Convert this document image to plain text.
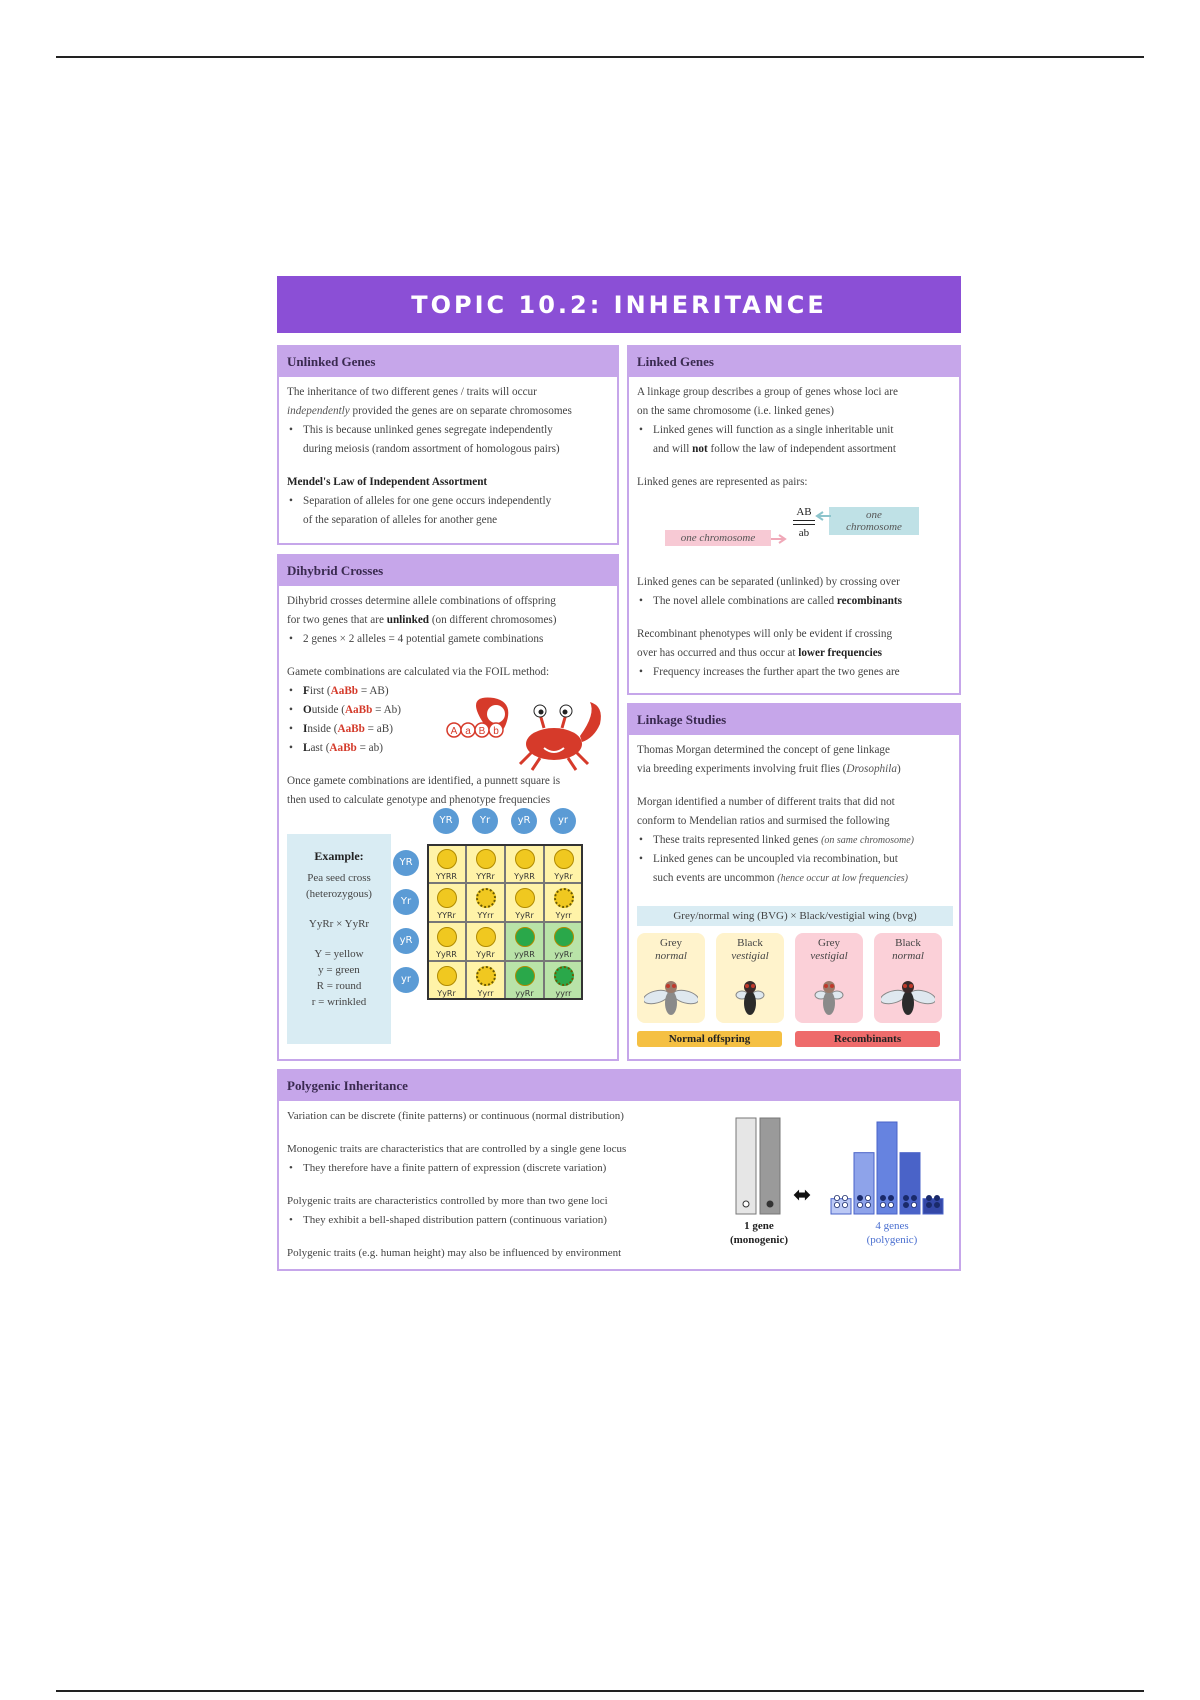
TOPIC 10.2: INHERITANCE
Unlinked Genes

The inheritance of two different genes / traits will occur

independently provided the genes are on separate chromosomes

• This is because unlinked genes segregate independently
during meiosis (random assortment of homologous pairs)

Mendel's Law of Independent Assortment

• Separation of alleles for one gene occurs independently
of the separation of alleles for another gene
Dihybrid Crosses

Dihybrid crosses determine allele combinations of offspring

for two genes that are unlinked (on different chromosomes)

• 2 genes × 2 alleles = 4 potential gamete combinations

Gamete combinations are calculated via the FOIL method:

• First (AaBb = AB)
• Outside (AaBb = Ab)
• Inside (AaBb = aB)
• Last (AaBb = ab)

Once gamete combinations are identified, a punnett square is

then used to calculate genotype and phenotype frequencies

A a B b
Example:
Pea seed cross
(heterozygous)
YyRr × YyRr
Y = yellow
y = green
R = round
r = wrinkled
YR
YR
Yr
Yr
yR
yR
yr
yr
YYRR	YYRr	YyRR	YyRr
YYRr	YYrr	YyRr	Yyrr
YyRR	YyRr	yyRR	yyRr
YyRr	Yyrr	yyRr	yyrr
Linked Genes

A linkage group describes a group of genes whose loci are

on the same chromosome (i.e. linked genes)

• Linked genes will function as a single inheritable unit
and will not follow the law of independent assortment

Linked genes are represented as pairs:

AB
ab
one chromosome
one chromosome

Linked genes can be separated (unlinked) by crossing over

• The novel allele combinations are called recombinants

Recombinant phenotypes will only be evident if crossing

over has occurred and thus occur at lower frequencies

• Frequency increases the further apart the two genes are
Linkage Studies

Thomas Morgan determined the concept of gene linkage

via breeding experiments involving fruit flies (Drosophila)

Morgan identified a number of different traits that did not

conform to Mendelian ratios and surmised the following

• These traits represented linked genes (on same chromosome)
• Linked genes can be uncoupled via recombination, but
such events are uncommon (hence occur at low frequencies)
Grey/normal wing (BVG) × Black/vestigial wing (bvg)
Grey
normal
Black
vestigial
Grey
vestigial
Black
normal
Normal offspring	Recombinants
Polygenic Inheritance

Variation can be discrete (finite patterns) or continuous (normal distribution)

Monogenic traits are characteristics that are controlled by a single gene locus

• They therefore have a finite pattern of expression (discrete variation)

Polygenic traits are characteristics controlled by more than two gene loci

• They exhibit a bell-shaped distribution pattern (continuous variation)

Polygenic traits (e.g. human height) may also be influenced by environment

⬌
1 gene
(monogenic)
4 genes
(polygenic)
